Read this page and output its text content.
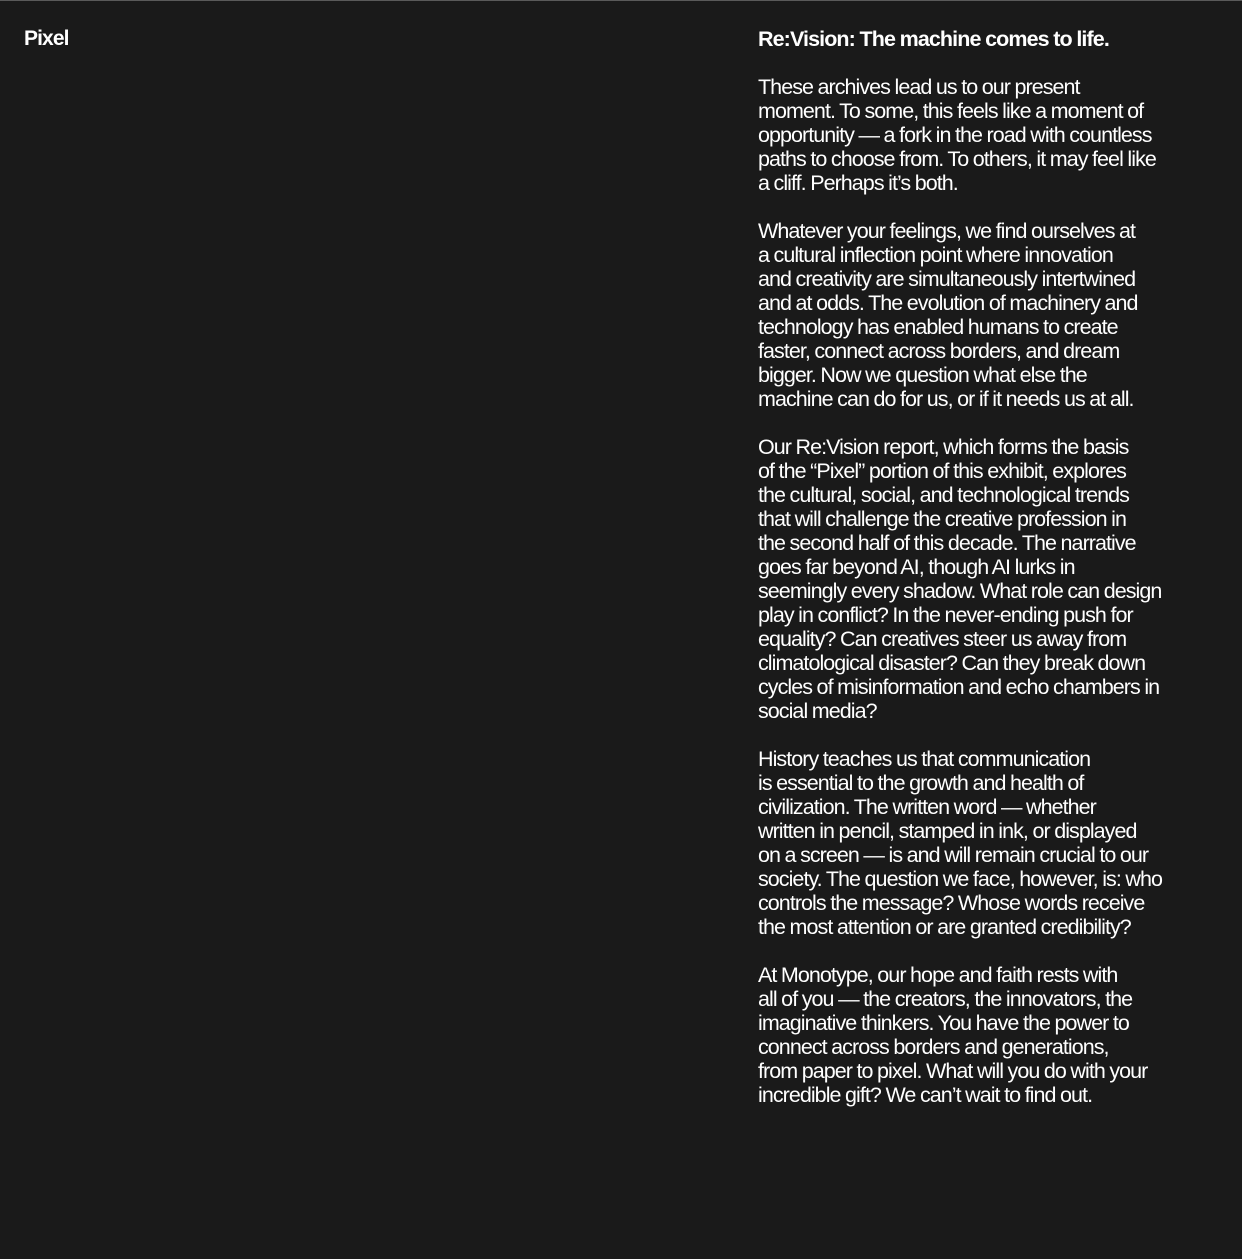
Pixel	Re:Vision: The machine comes to life.

These archives lead us to our present
moment. To some, this feels like a moment of
opportunity — a fork in the road with countless
paths to choose from. To others, it may feel like
a cliff. Perhaps it’s both.

Whatever your feelings, we find ourselves at
a cultural inflection point where innovation
and creativity are simultaneously intertwined
and at odds. The evolution of machinery and
technology has enabled humans to create
faster, connect across borders, and dream
bigger. Now we question what else the
machine can do for us, or if it needs us at all.

Our Re:Vision report, which forms the basis
of the “Pixel” portion of this exhibit, explores
the cultural, social, and technological trends
that will challenge the creative profession in
the second half of this decade. The narrative
goes far beyond AI, though AI lurks in
seemingly every shadow. What role can design
play in conflict? In the never-ending push for
equality? Can creatives steer us away from
climatological disaster? Can they break down
cycles of misinformation and echo chambers in
social media?

History teaches us that communication
is essential to the growth and health of
civilization. The written word — whether
written in pencil, stamped in ink, or displayed
on a screen — is and will remain crucial to our
society. The question we face, however, is: who
controls the message? Whose words receive
the most attention or are granted credibility?

At Monotype, our hope and faith rests with
all of you — the creators, the innovators, the
imaginative thinkers. You have the power to
connect across borders and generations,
from paper to pixel. What will you do with your
incredible gift? We can’t wait to find out.
